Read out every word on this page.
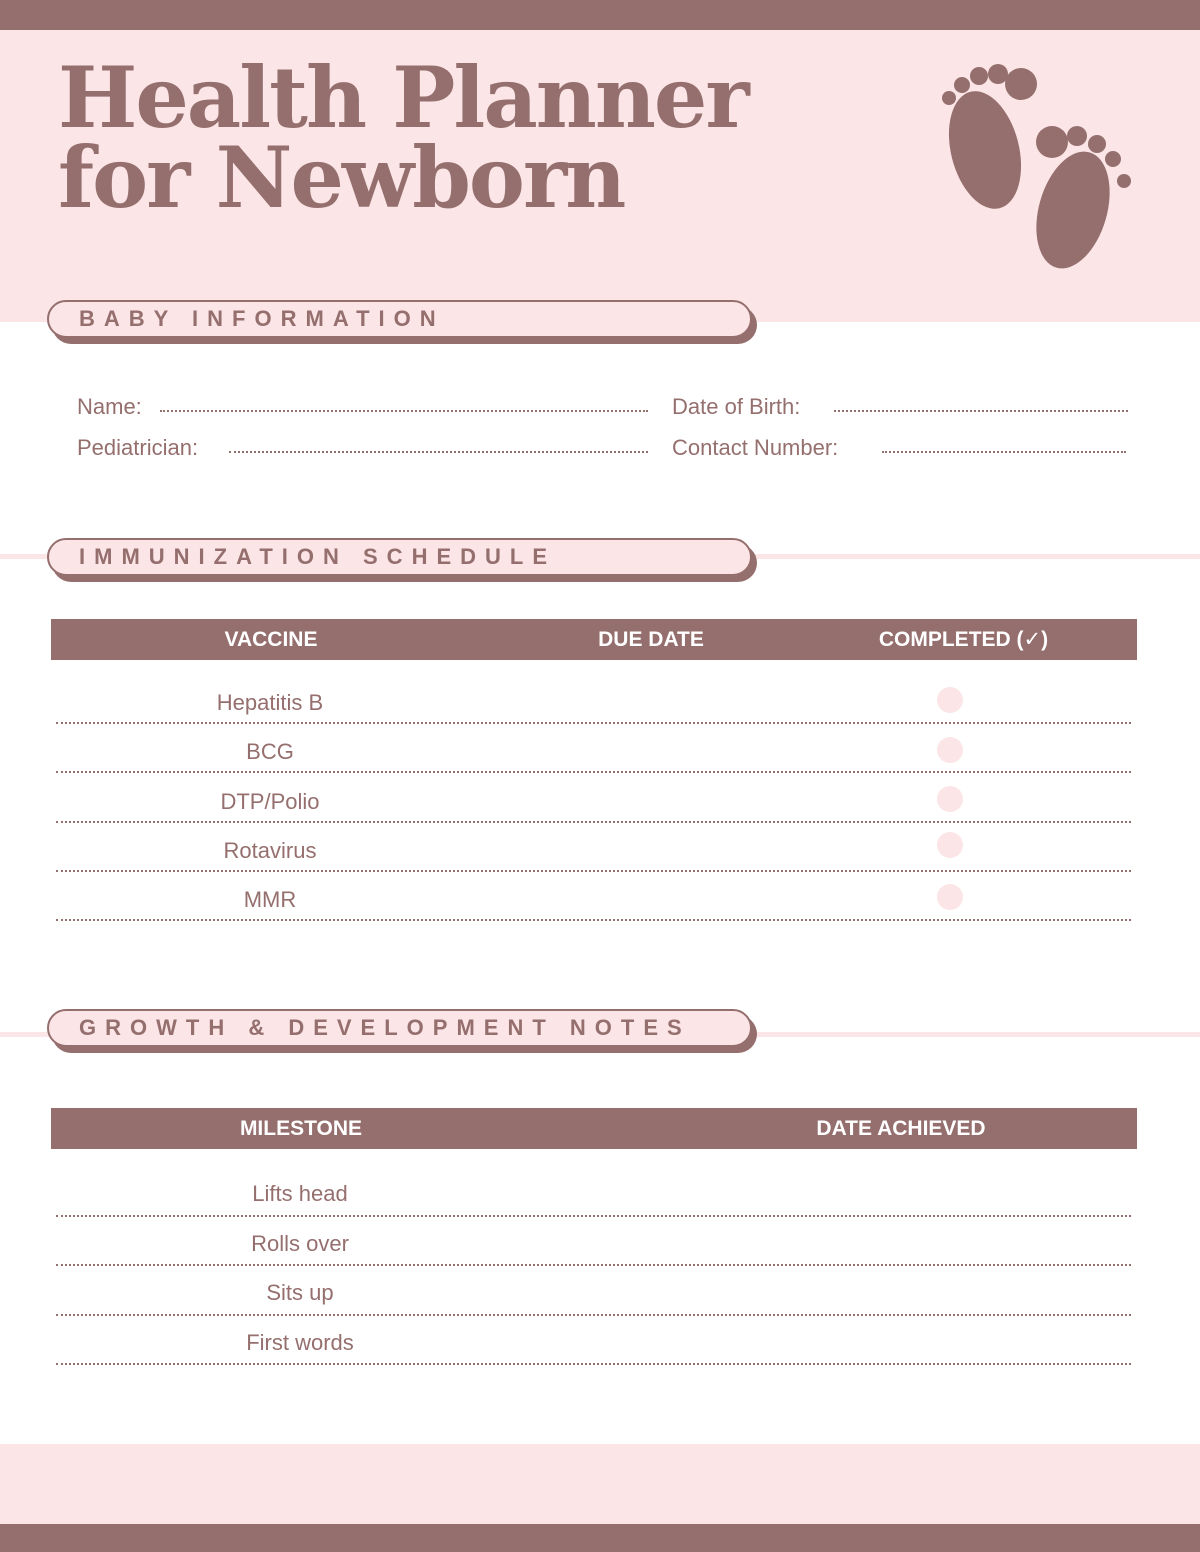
Health Planner
for Newborn
BABY INFORMATION
Name:	Date of Birth:
Pediatrician:	Contact Number:
IMMUNIZATION SCHEDULE
VACCINE	DUE DATE	COMPLETED (✓)
Hepatitis B
BCG
DTP/Polio
Rotavirus
MMR
GROWTH & DEVELOPMENT NOTES
MILESTONE	DATE ACHIEVED
Lifts head
Rolls over
Sits up
First words
